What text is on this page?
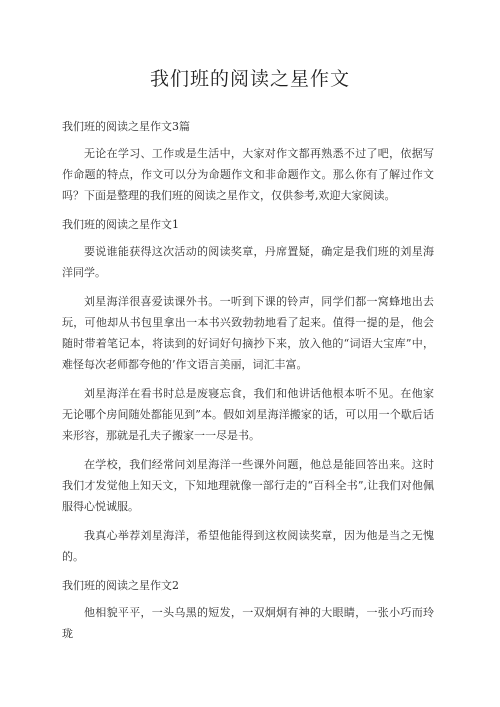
我们班的阅读之星作文

我们班的阅读之星作文3篇

无论在学习、工作或是生活中，大家对作文都再熟悉不过了吧，依据写作命题的特点，作文可以分为命题作文和非命题作文。那么你有了解过作文吗？下面是整理的我们班的阅读之星作文，仅供参考,欢迎大家阅读。

我们班的阅读之星作文1

要说谁能获得这次活动的阅读奖章，丹席置疑，确定是我们班的刘星海洋同学。

刘星海洋很喜爱读课外书。一听到下课的铃声，同学们都一窝蜂地出去玩，可他却从书包里拿出一本书兴致勃勃地看了起来。值得一提的是，他会随时带着笔记本，将读到的好词好句摘抄下来，放入他的“词语大宝库”中，难怪每次老师都夸他的’作文语言美丽，词汇丰富。

刘星海洋在看书时总是废寝忘食，我们和他讲话他根本听不见。在他家无论哪个房间随处都能见到”本。假如刘星海洋搬家的话，可以用一个歇后话来形容，那就是孔夫子搬家一一尽是书。

在学校，我们经常问刘星海洋一些课外问题，他总是能回答出来。这时我们才发觉他上知天文，下知地理就像一部行走的“百科全书”,让我们对他佩服得心悦诚服。

我真心举荐刘星海洋，希望他能得到这枚阅读奖章，因为他是当之无愧的。

我们班的阅读之星作文2

他相貌平平，一头乌黑的短发，一双炯炯有神的大眼睛，一张小巧而玲珑
